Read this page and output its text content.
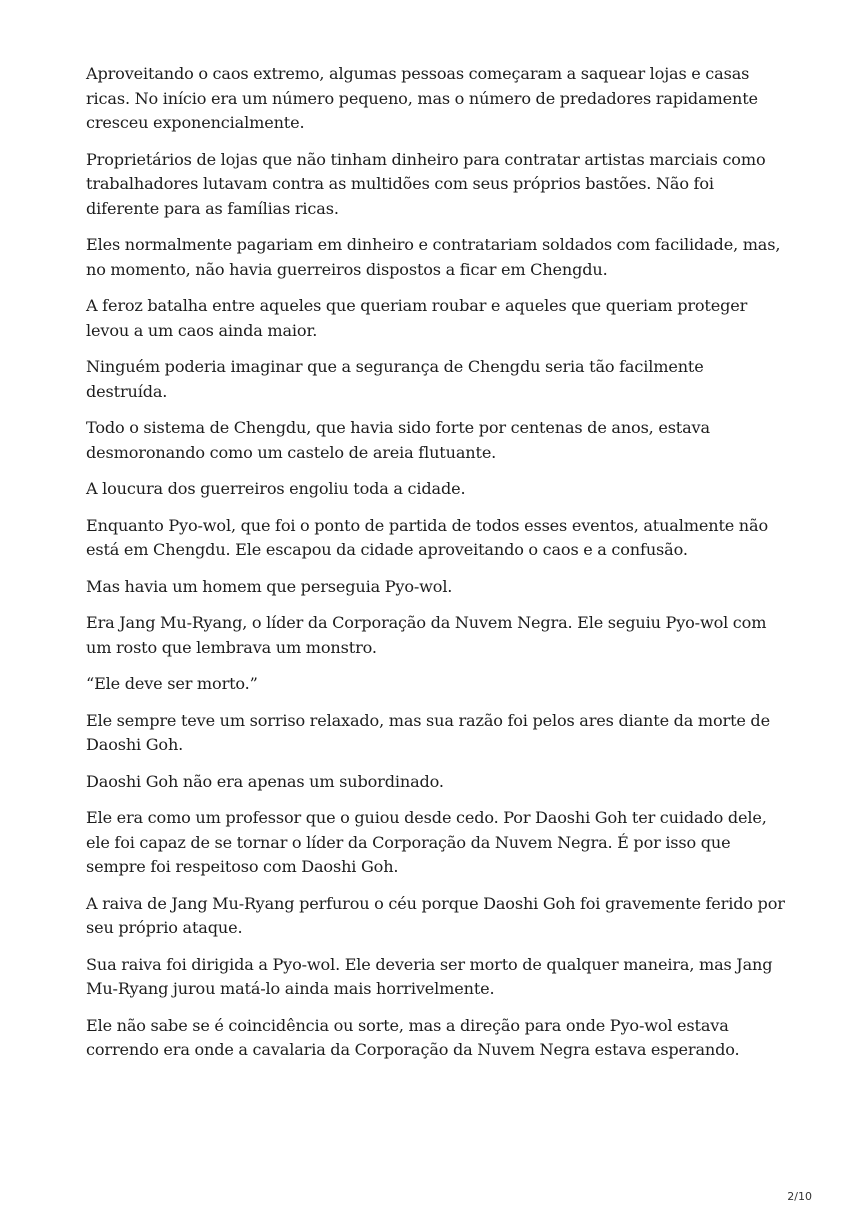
Aproveitando o caos extremo, algumas pessoas começaram a saquear lojas e casas ricas. No início era um número pequeno, mas o número de predadores rapidamente cresceu exponencialmente.

Proprietários de lojas que não tinham dinheiro para contratar artistas marciais como trabalhadores lutavam contra as multidões com seus próprios bastões. Não foi diferente para as famílias ricas.

Eles normalmente pagariam em dinheiro e contratariam soldados com facilidade, mas, no momento, não havia guerreiros dispostos a ficar em Chengdu.

A feroz batalha entre aqueles que queriam roubar e aqueles que queriam proteger levou a um caos ainda maior.

Ninguém poderia imaginar que a segurança de Chengdu seria tão facilmente destruída.

Todo o sistema de Chengdu, que havia sido forte por centenas de anos, estava desmoronando como um castelo de areia flutuante.

A loucura dos guerreiros engoliu toda a cidade.

Enquanto Pyo-wol, que foi o ponto de partida de todos esses eventos, atualmente não está em Chengdu. Ele escapou da cidade aproveitando o caos e a confusão.

Mas havia um homem que perseguia Pyo-wol.

Era Jang Mu-Ryang, o líder da Corporação da Nuvem Negra. Ele seguiu Pyo-wol com um rosto que lembrava um monstro.

“Ele deve ser morto.”

Ele sempre teve um sorriso relaxado, mas sua razão foi pelos ares diante da morte de Daoshi Goh.

Daoshi Goh não era apenas um subordinado.

Ele era como um professor que o guiou desde cedo. Por Daoshi Goh ter cuidado dele, ele foi capaz de se tornar o líder da Corporação da Nuvem Negra. É por isso que sempre foi respeitoso com Daoshi Goh.

A raiva de Jang Mu-Ryang perfurou o céu porque Daoshi Goh foi gravemente ferido por seu próprio ataque.

Sua raiva foi dirigida a Pyo-wol. Ele deveria ser morto de qualquer maneira, mas Jang Mu-Ryang jurou matá-lo ainda mais horrivelmente.

Ele não sabe se é coincidência ou sorte, mas a direção para onde Pyo-wol estava correndo era onde a cavalaria da Corporação da Nuvem Negra estava esperando.

2/10
